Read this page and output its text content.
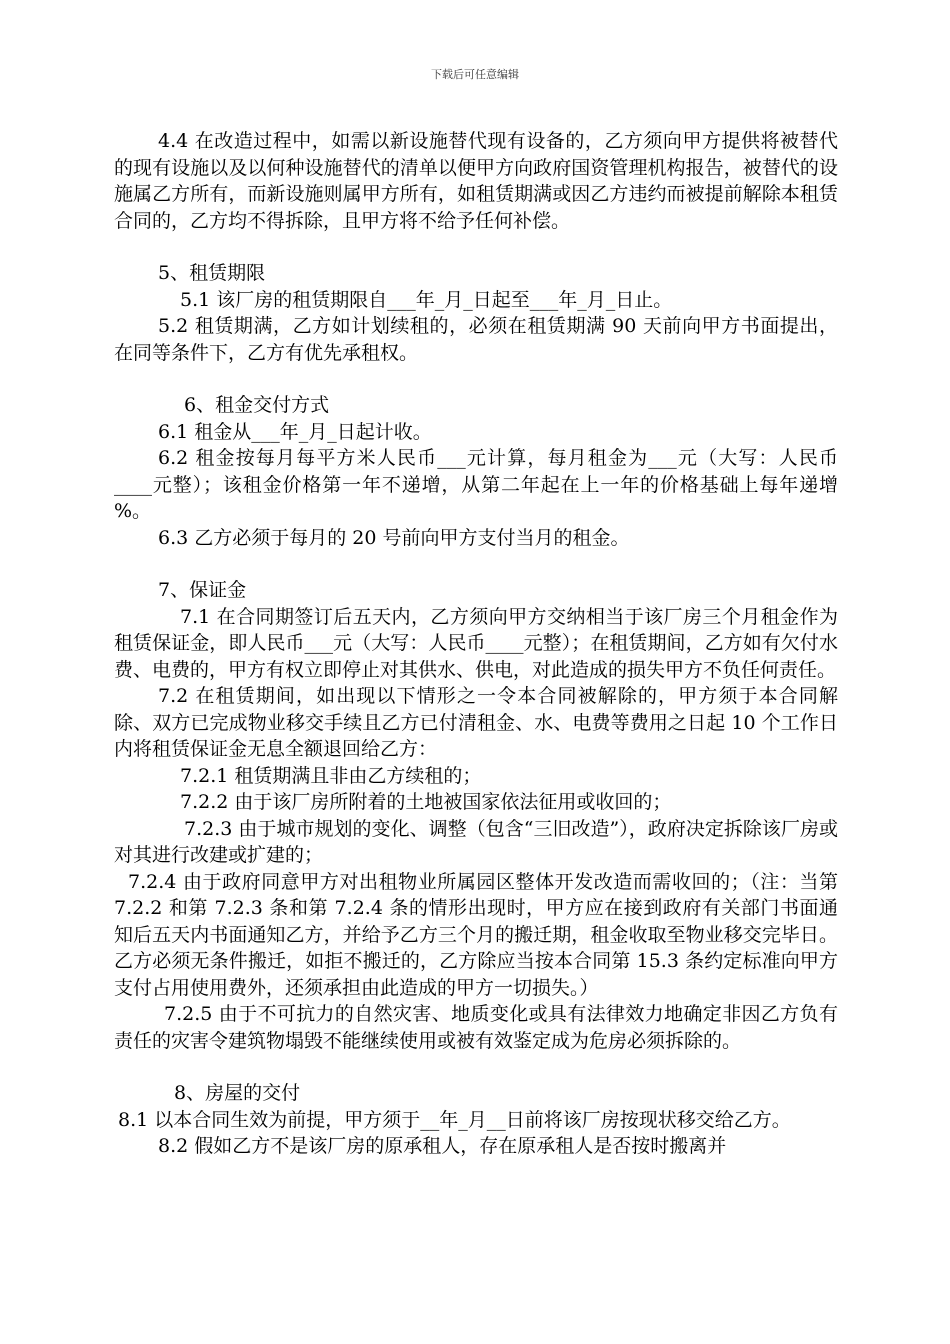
下载后可任意编辑
4.4 在改造过程中，如需以新设施替代现有设备的，乙方须向甲方提供将被替代的现有设施以及以何种设施替代的清单以便甲方向政府国资管理机构报告，被替代的设施属乙方所有，而新设施则属甲方所有，如租赁期满或因乙方违约而被提前解除本租赁合同的，乙方均不得拆除，且甲方将不给予任何补偿。
5、租赁期限
5.1 该厂房的租赁期限自___年_月_日起至___年_月_日止。
5.2 租赁期满，乙方如计划续租的，必须在租赁期满 90 天前向甲方书面提出，在同等条件下，乙方有优先承租权。
6、租金交付方式
6.1 租金从___年_月_日起计收。
6.2 租金按每月每平方米人民币___元计算，每月租金为___元（大写：人民币____元整）；该租金价格第一年不递增，从第二年起在上一年的价格基础上每年递增 %。
6.3 乙方必须于每月的 20 号前向甲方支付当月的租金。
7、保证金
7.1 在合同期签订后五天内，乙方须向甲方交纳相当于该厂房三个月租金作为租赁保证金，即人民币___元（大写：人民币____元整）；在租赁期间，乙方如有欠付水费、电费的，甲方有权立即停止对其供水、供电，对此造成的损失甲方不负任何责任。
7.2 在租赁期间，如出现以下情形之一令本合同被解除的，甲方须于本合同解除、双方已完成物业移交手续且乙方已付清租金、水、电费等费用之日起 10 个工作日内将租赁保证金无息全额退回给乙方：
7.2.1 租赁期满且非由乙方续租的；
7.2.2 由于该厂房所附着的土地被国家依法征用或收回的；
7.2.3 由于城市规划的变化、调整（包含“三旧改造”），政府决定拆除该厂房或对其进行改建或扩建的；
7.2.4 由于政府同意甲方对出租物业所属园区整体开发改造而需收回的；（注：当第 7.2.2 和第 7.2.3 条和第 7.2.4 条的情形出现时，甲方应在接到政府有关部门书面通知后五天内书面通知乙方，并给予乙方三个月的搬迁期，租金收取至物业移交完毕日。乙方必须无条件搬迁，如拒不搬迁的，乙方除应当按本合同第 15.3 条约定标准向甲方支付占用使用费外，还须承担由此造成的甲方一切损失。）
7.2.5 由于不可抗力的自然灾害、地质变化或具有法律效力地确定非因乙方负有责任的灾害令建筑物塌毁不能继续使用或被有效鉴定成为危房必须拆除的。
8、房屋的交付
8.1 以本合同生效为前提，甲方须于__年_月__日前将该厂房按现状移交给乙方。
8.2 假如乙方不是该厂房的原承租人，存在原承租人是否按时搬离并
